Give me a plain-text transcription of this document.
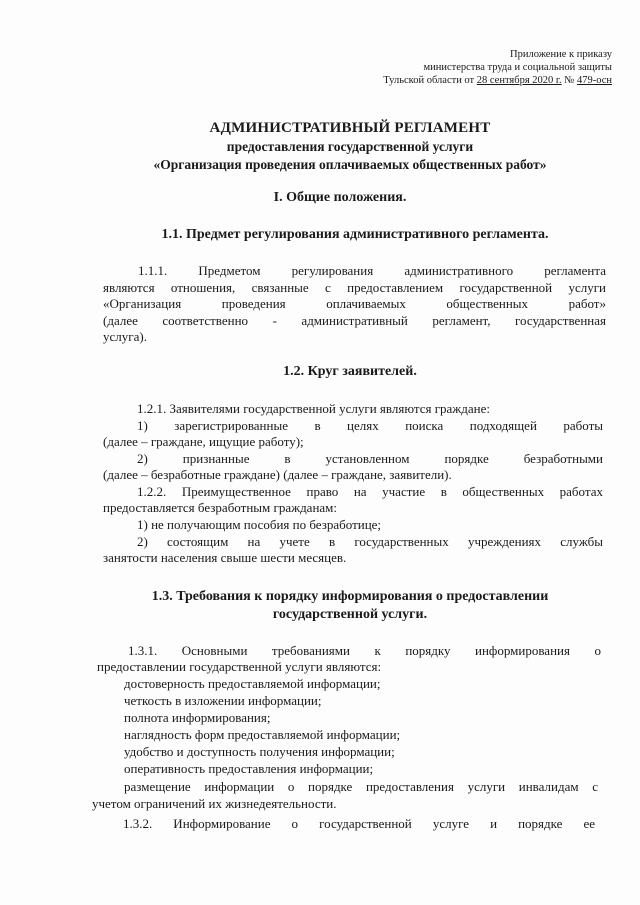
Приложение к приказу
министерства труда и социальной защиты
Тульской области от 28 сентября 2020 г. № 479-осн
АДМИНИСТРАТИВНЫЙ РЕГЛАМЕНТ
предоставления государственной услуги
«Организация проведения оплачиваемых общественных работ»
I. Общие положения.
1.1. Предмет регулирования административного регламента.
1.1.1. Предметом регулирования административного регламента
являются отношения, связанные с предоставлением государственной услуги
«Организация проведения оплачиваемых общественных работ»
(далее соответственно - административный регламент, государственная
услуга).
1.2. Круг заявителей.
1.2.1. Заявителями государственной услуги являются граждане:
1) зарегистрированные в целях поиска подходящей работы
(далее – граждане, ищущие работу);
2) признанные в установленном порядке безработными
(далее – безработные граждане) (далее – граждане, заявители).
1.2.2. Преимущественное право на участие в общественных работах
предоставляется безработным гражданам:
1) не получающим пособия по безработице;
2) состоящим на учете в государственных учреждениях службы
занятости населения свыше шести месяцев.
1.3. Требования к порядку информирования о предоставлении
государственной услуги.
1.3.1. Основными требованиями к порядку информирования о
предоставлении государственной услуги являются:
достоверность предоставляемой информации;
четкость в изложении информации;
полнота информирования;
наглядность форм предоставляемой информации;
удобство и доступность получения информации;
оперативность предоставления информации;
размещение информации о порядке предоставления услуги инвалидам с
учетом ограничений их жизнедеятельности.
1.3.2. Информирование о государственной услуге и порядке ее
